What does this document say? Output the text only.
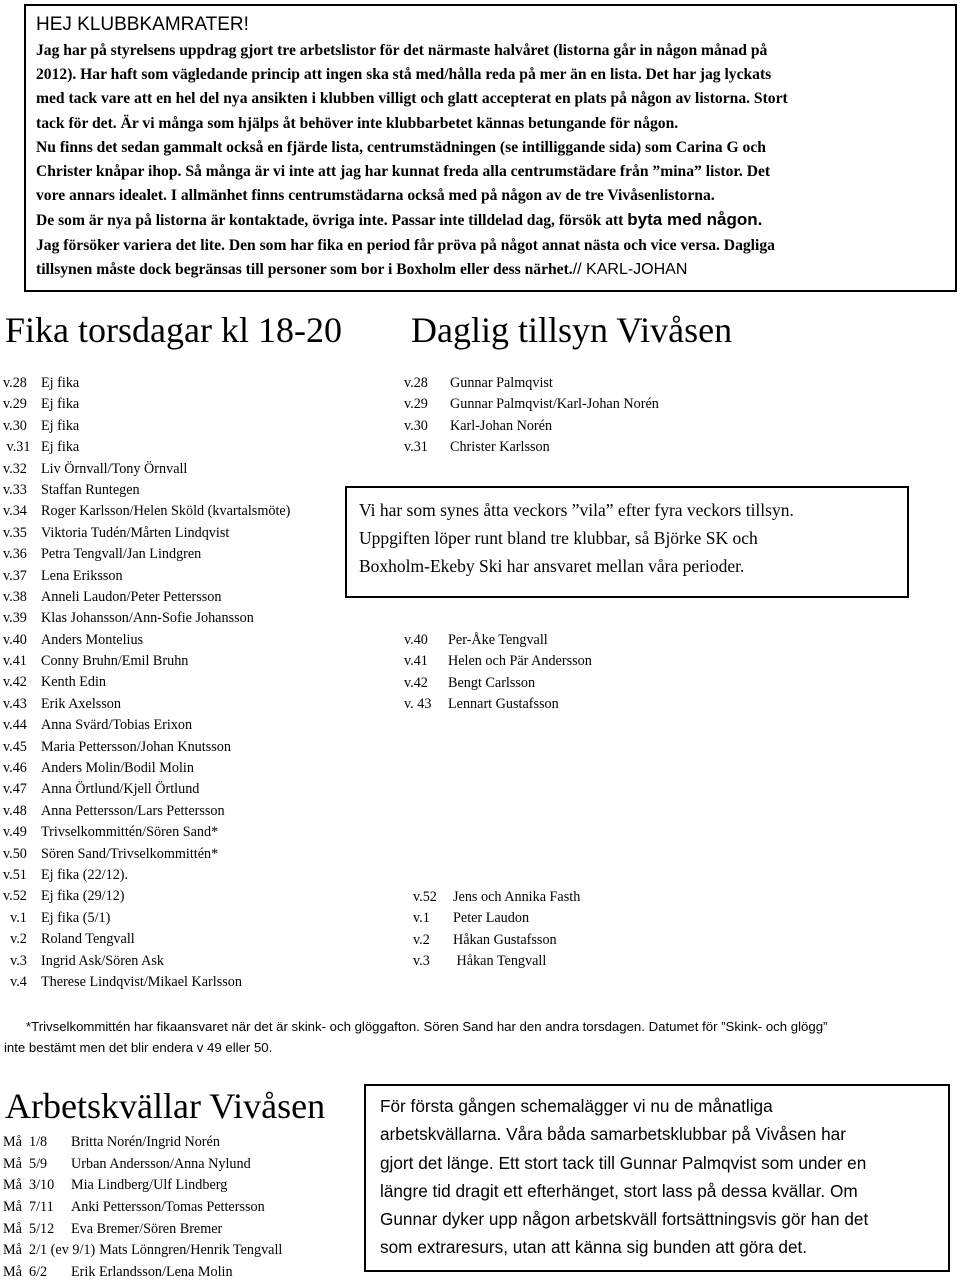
HEJ KLUBBKAMRATER!
Jag har på styrelsens uppdrag gjort tre arbetslistor för det närmaste halvåret (listorna går in någon månad på
2012). Har haft som vägledande princip att ingen ska stå med/hålla reda på mer än en lista. Det har jag lyckats
med tack vare att en hel del nya ansikten i klubben villigt och glatt accepterat en plats på någon av listorna. Stort
tack för det. Är vi många som hjälps åt behöver inte klubbarbetet kännas betungande för någon.
Nu finns det sedan gammalt också en fjärde lista, centrumstädningen (se intilliggande sida) som Carina G och
Christer knåpar ihop. Så många är vi inte att jag har kunnat freda alla centrumstädare från ”mina” listor. Det
vore annars idealet. I allmänhet finns centrumstädarna också med på någon av de tre Vivåsenlistorna.
De som är nya på listorna är kontaktade, övriga inte. Passar inte tilldelad dag, försök att byta med någon.
Jag försöker variera det lite. Den som har fika en period får pröva på något annat nästa och vice versa. Dagliga
tillsynen måste dock begränsas till personer som bor i Boxholm eller dess närhet.// KARL-JOHAN
Fika torsdagar kl 18-20 Daglig tillsyn Vivåsen
v.28 Ej fika
v.29 Ej fika
v.30 Ej fika
v.31 Ej fika
v.32 Liv Örnvall/Tony Örnvall
v.33 Staffan Runtegen
v.34 Roger Karlsson/Helen Sköld (kvartalsmöte)
v.35 Viktoria Tudén/Mårten Lindqvist
v.36 Petra Tengvall/Jan Lindgren
v.37 Lena Eriksson
v.38 Anneli Laudon/Peter Pettersson
v.39 Klas Johansson/Ann-Sofie Johansson
v.40 Anders Montelius
v.41 Conny Bruhn/Emil Bruhn
v.42 Kenth Edin
v.43 Erik Axelsson
v.44 Anna Svärd/Tobias Erixon
v.45 Maria Pettersson/Johan Knutsson
v.46 Anders Molin/Bodil Molin
v.47 Anna Örtlund/Kjell Örtlund
v.48 Anna Pettersson/Lars Pettersson
v.49 Trivselkommittén/Sören Sand*
v.50 Sören Sand/Trivselkommittén*
v.51 Ej fika (22/12).
v.52 Ej fika (29/12)
v.1 Ej fika (5/1)
v.2 Roland Tengvall
v.3 Ingrid Ask/Sören Ask
v.4 Therese Lindqvist/Mikael Karlsson
v.28 Gunnar Palmqvist
v.29 Gunnar Palmqvist/Karl-Johan Norén
v.30 Karl-Johan Norén
v.31 Christer Karlsson
Vi har som synes åtta veckors ”vila” efter fyra veckors tillsyn.
Uppgiften löper runt bland tre klubbar, så Björke SK och
Boxholm-Ekeby Ski har ansvaret mellan våra perioder.
v.40 Per-Åke Tengvall
v.41 Helen och Pär Andersson
v.42 Bengt Carlsson
v. 43 Lennart Gustafsson
v.52 Jens och Annika Fasth
v.1 Peter Laudon
v.2 Håkan Gustafsson
v.3 Håkan Tengvall
*Trivselkommittén har fikaansvaret när det är skink- och glöggafton. Sören Sand har den andra torsdagen. Datumet för ”Skink- och glögg”
inte bestämt men det blir endera v 49 eller 50.
Arbetskvällar Vivåsen
Må  1/8 Britta Norén/Ingrid Norén
Må  5/9 Urban Andersson/Anna Nylund
Må  3/10 Mia Lindberg/Ulf Lindberg
Må  7/11 Anki Pettersson/Tomas Pettersson
Må  5/12 Eva Bremer/Sören Bremer
Må  2/1 (ev 9/1) Mats Lönngren/Henrik Tengvall
Må  6/2 Erik Erlandsson/Lena Molin
För första gången schemalägger vi nu de månatliga
arbetskvällarna. Våra båda samarbetsklubbar på Vivåsen har
gjort det länge. Ett stort tack till Gunnar Palmqvist som under en
längre tid dragit ett efterhänget, stort lass på dessa kvällar. Om
Gunnar dyker upp någon arbetskväll fortsättningsvis gör han det
som extraresurs, utan att känna sig bunden att göra det.
